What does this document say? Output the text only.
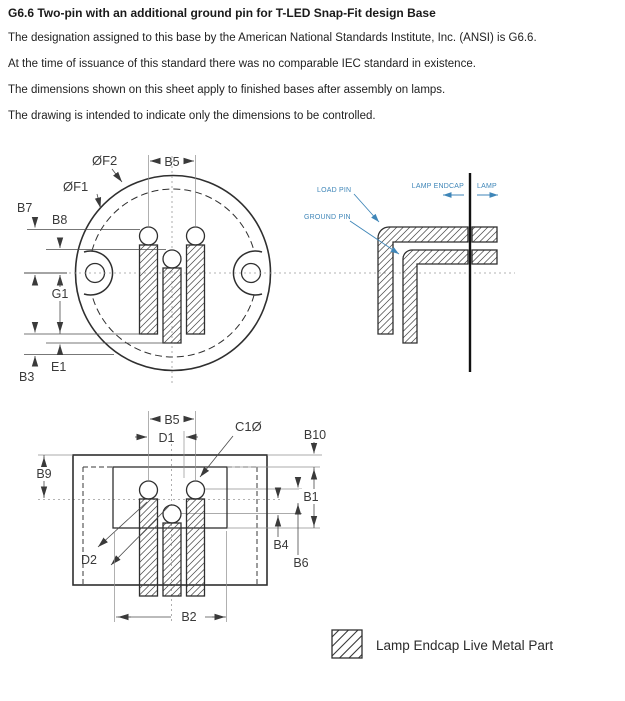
G6.6 Two-pin with an additional ground pin for T-LED Snap-Fit design Base
The designation assigned to this base by the American National Standards Institute, Inc. (ANSI) is G6.6.
At the time of issuance of this standard there was no comparable IEC standard in existence.
The dimensions shown on this sheet apply to finished bases after assembly on lamps.
The drawing is intended to indicate only the dimensions to be controlled.
B5
ØF2
ØF1
B7
B8
G1
E1
B3
LOAD PIN
GROUND PIN
LAMP ENDCAP LAMP
B5
D1
C1Ø
B10
B9
B1
B6
B4
D2
B2
Lamp Endcap Live Metal Part
